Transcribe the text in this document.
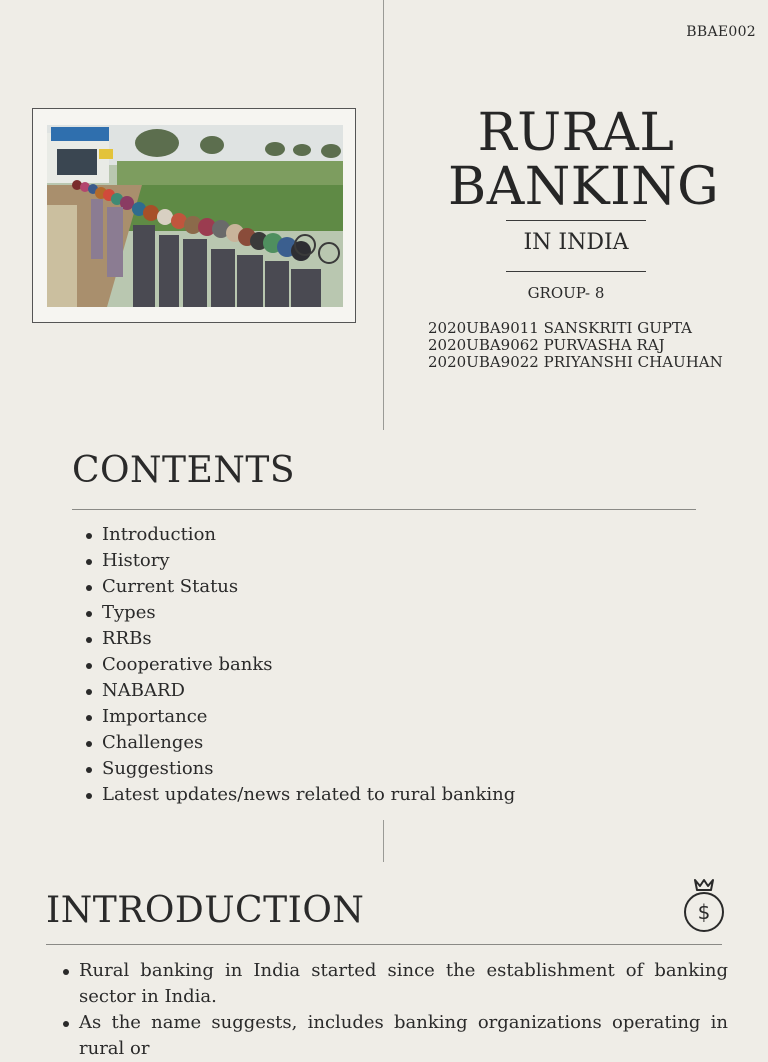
BBAE002
RURAL
BANKING
IN INDIA
GROUP- 8
2020UBA9011 SANSKRITI GUPTA
2020UBA9062 PURVASHA RAJ
2020UBA9022 PRIYANSHI CHAUHAN
CONTENTS
Introduction
History
Current Status
Types
RRBs
Cooperative banks
NABARD
Importance
Challenges
Suggestions
Latest updates/news related to rural banking
INTRODUCTION	$
Rural banking in India started since the establishment of banking sector in India.
As the name suggests, includes banking organizations operating in rural or
